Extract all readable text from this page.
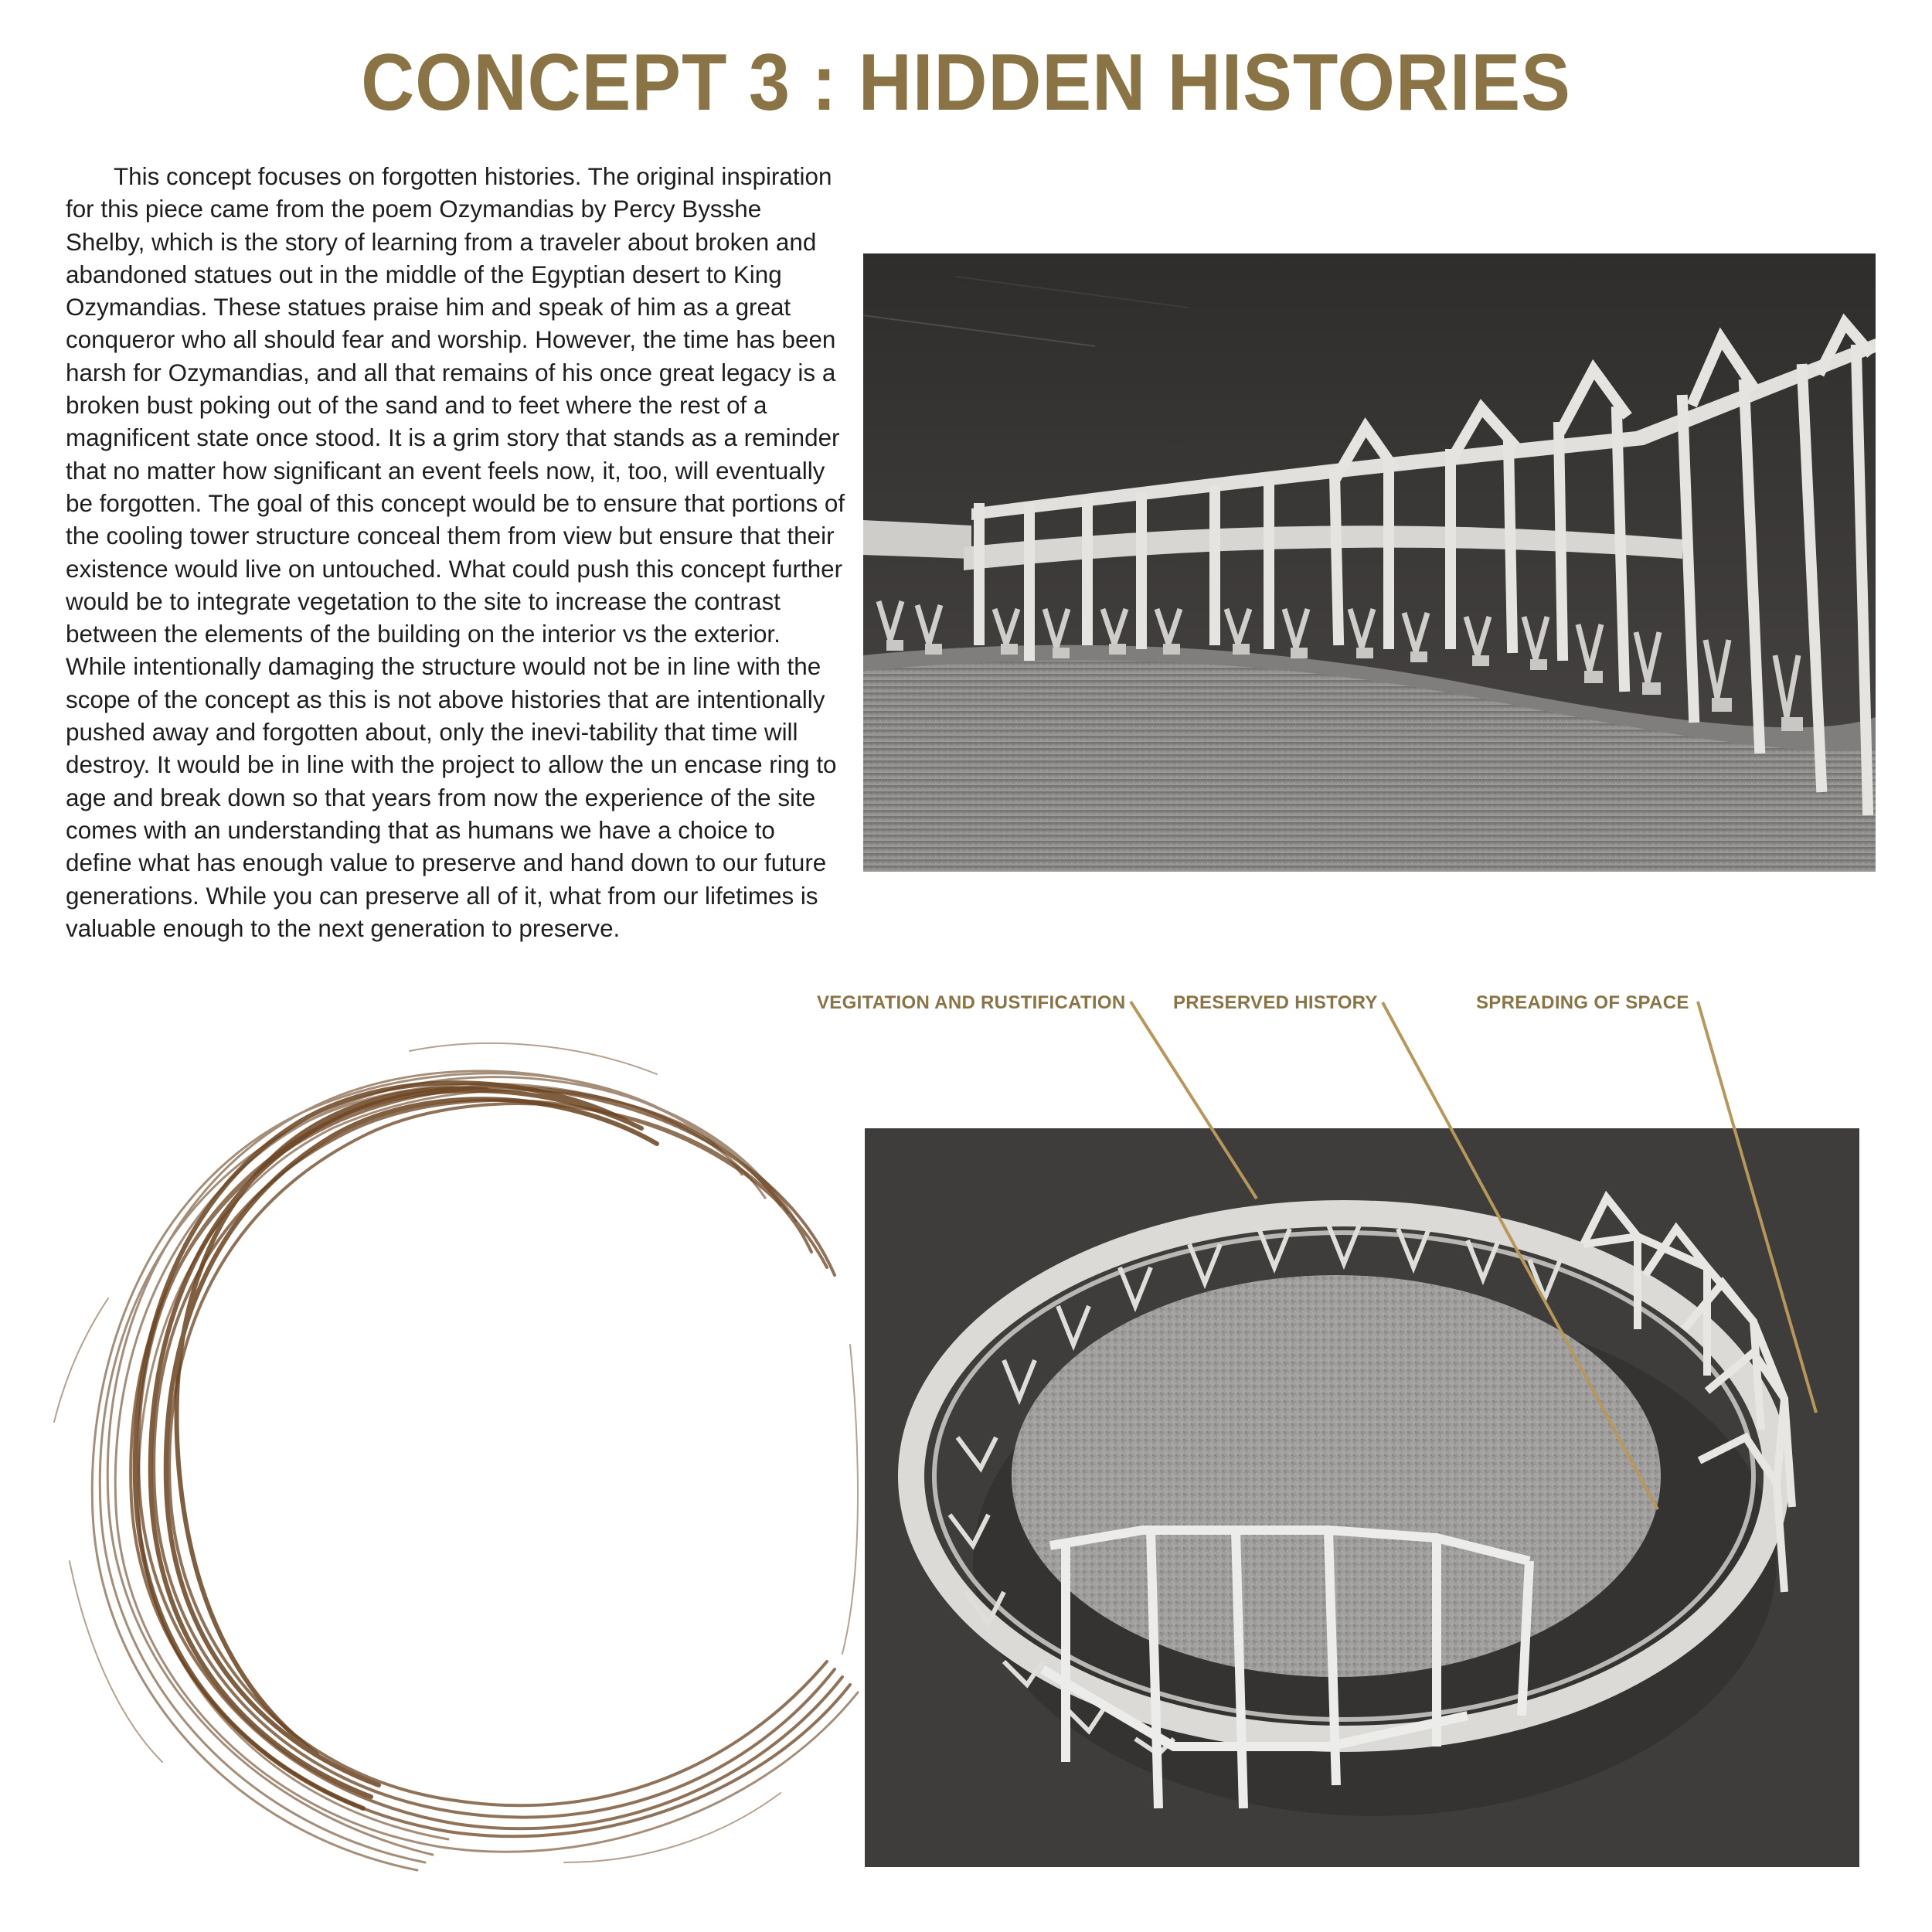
CONCEPT 3 : HIDDEN HISTORIES

This concept focuses on forgotten histories. The original inspiration for this piece came from the poem Ozymandias by Percy Bysshe Shelby, which is the story of learning from a traveler about broken and abandoned statues out in the middle of the Egyptian desert to King Ozymandias. These statues praise him and speak of him as a great conqueror who all should fear and worship. However, the time has been harsh for Ozymandias, and all that remains of his once great legacy is a broken bust poking out of the sand and to feet where the rest of a magnificent state once stood. It is a grim story that stands as a reminder that no matter how significant an event feels now, it, too, will eventually be forgotten. The goal of this concept would be to ensure that portions of the cooling tower structure conceal them from view but ensure that their existence would live on untouched. What could push this concept further would be to integrate vegetation to the site to increase the contrast between the elements of the building on the interior vs the exterior. While intentionally damaging the structure would not be in line with the scope of the concept as this is not above histories that are intentionally pushed away and forgotten about, only the inevi-tability that time will destroy. It would be in line with the project to allow the un encase ring to age and break down so that years from now the experience of the site comes with an understanding that as humans we have a choice to define what has enough value to preserve and hand down to our future generations. While you can preserve all of it, what from our lifetimes is valuable enough to the next generation to preserve.

VEGITATION AND RUSTIFICATION	PRESERVED HISTORY	SPREADING OF SPACE
